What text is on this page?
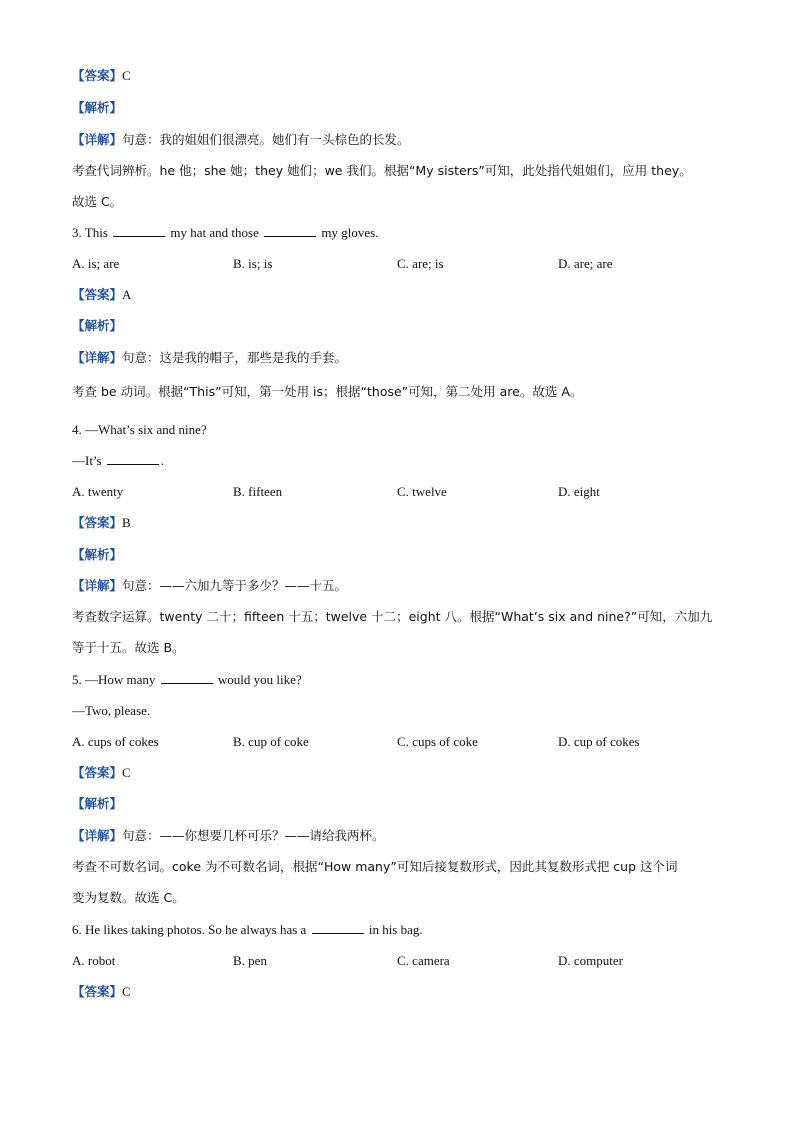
【答案】C
【解析】
【详解】句意：我的姐姐们很漂亮。她们有一头棕色的长发。
考查代词辨析。he 他；she 她；they 她们；we 我们。根据“My sisters”可知，此处指代姐姐们，应用 they。
故选 C。
3. This	my hat and those	my gloves.
A. is; are	B. is; is	C. are; is	D. are; are
【答案】A
【解析】
【详解】句意：这是我的帽子，那些是我的手套。
考查 be 动词。根据“This”可知，第一处用 is；根据“those”可知，第二处用 are。故选 A。
4. —What’s six and nine?
—It’s	.
A. twenty	B. fifteen	C. twelve	D. eight
【答案】B
【解析】
【详解】句意：——六加九等于多少？——十五。
考查数字运算。twenty 二十；fifteen 十五；twelve 十二；eight 八。根据“What’s six and nine?”可知，六加九
等于十五。故选 B。
5. —How many	would you like?
—Two, please.
A. cups of cokes	B. cup of coke	C. cups of coke	D. cup of cokes
【答案】C
【解析】
【详解】句意：——你想要几杯可乐？——请给我两杯。
考查不可数名词。coke 为不可数名词，根据“How many”可知后接复数形式，因此其复数形式把 cup 这个词
变为复数。故选 C。
6. He likes taking photos. So he always has a	in his bag.
A. robot	B. pen	C. camera	D. computer
【答案】C
